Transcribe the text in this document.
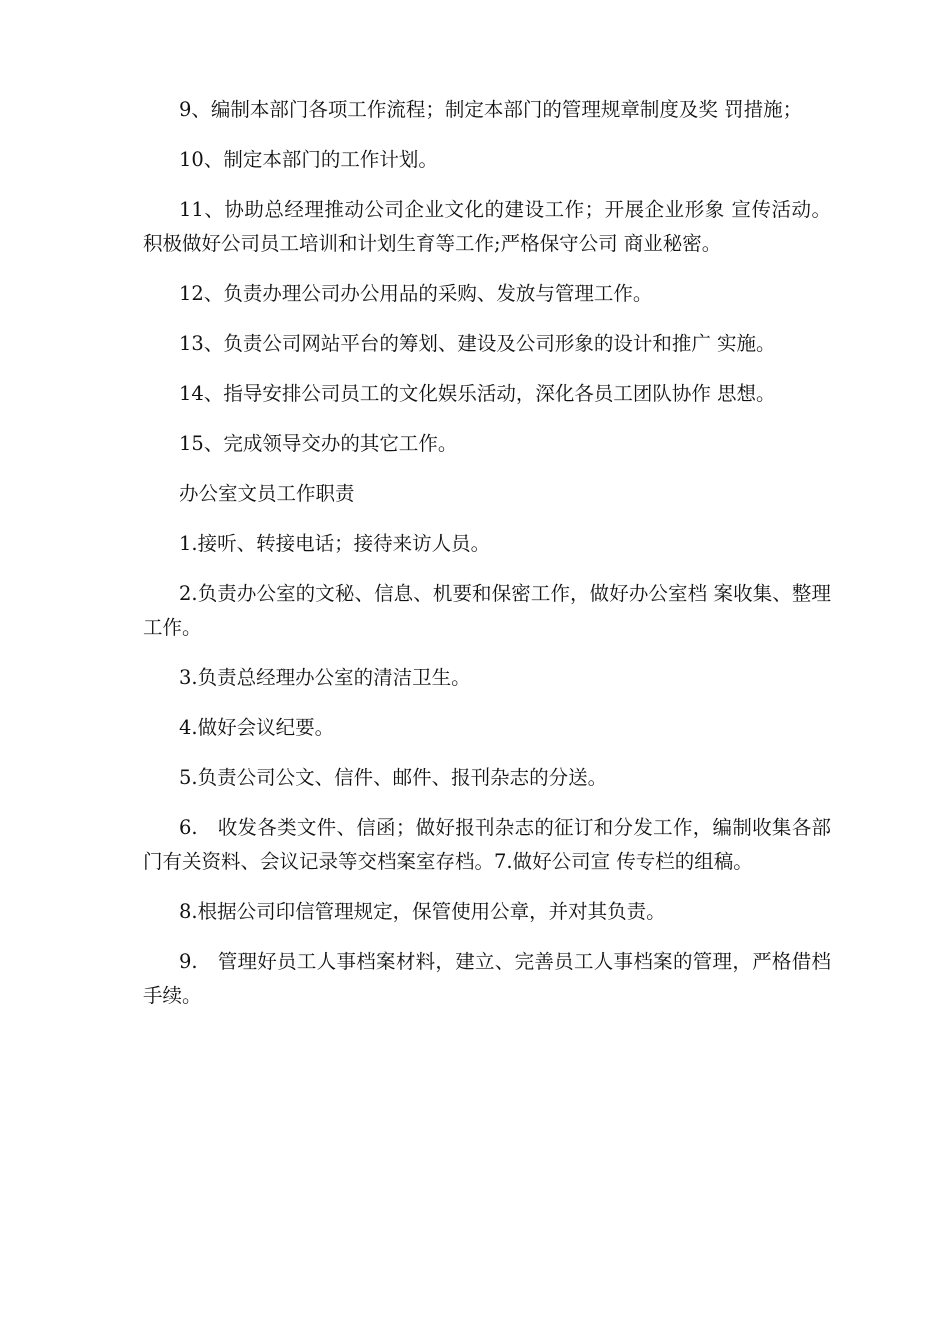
9、编制本部门各项工作流程；制定本部门的管理规章制度及奖 罚措施；

10、制定本部门的工作计划。

11、协助总经理推动公司企业文化的建设工作；开展企业形象 宣传活动。积极做好公司员工培训和计划生育等工作;严格保守公司 商业秘密。

12、负责办理公司办公用品的采购、发放与管理工作。

13、负责公司网站平台的筹划、建设及公司形象的设计和推广 实施。

14、指导安排公司员工的文化娱乐活动，深化各员工团队协作 思想。

15、完成领导交办的其它工作。

办公室文员工作职责

1.接听、转接电话；接待来访人员。

2.负责办公室的文秘、信息、机要和保密工作，做好办公室档 案收集、整理工作。

3.负责总经理办公室的清洁卫生。

4.做好会议纪要。

5.负责公司公文、信件、邮件、报刊杂志的分送。

6.　收发各类文件、信函；做好报刊杂志的征订和分发工作，编制收集各部门有关资料、会议记录等交档案室存档。7.做好公司宣 传专栏的组稿。

8.根据公司印信管理规定，保管使用公章，并对其负责。

9.　管理好员工人事档案材料，建立、完善员工人事档案的管理，严格借档手续。
